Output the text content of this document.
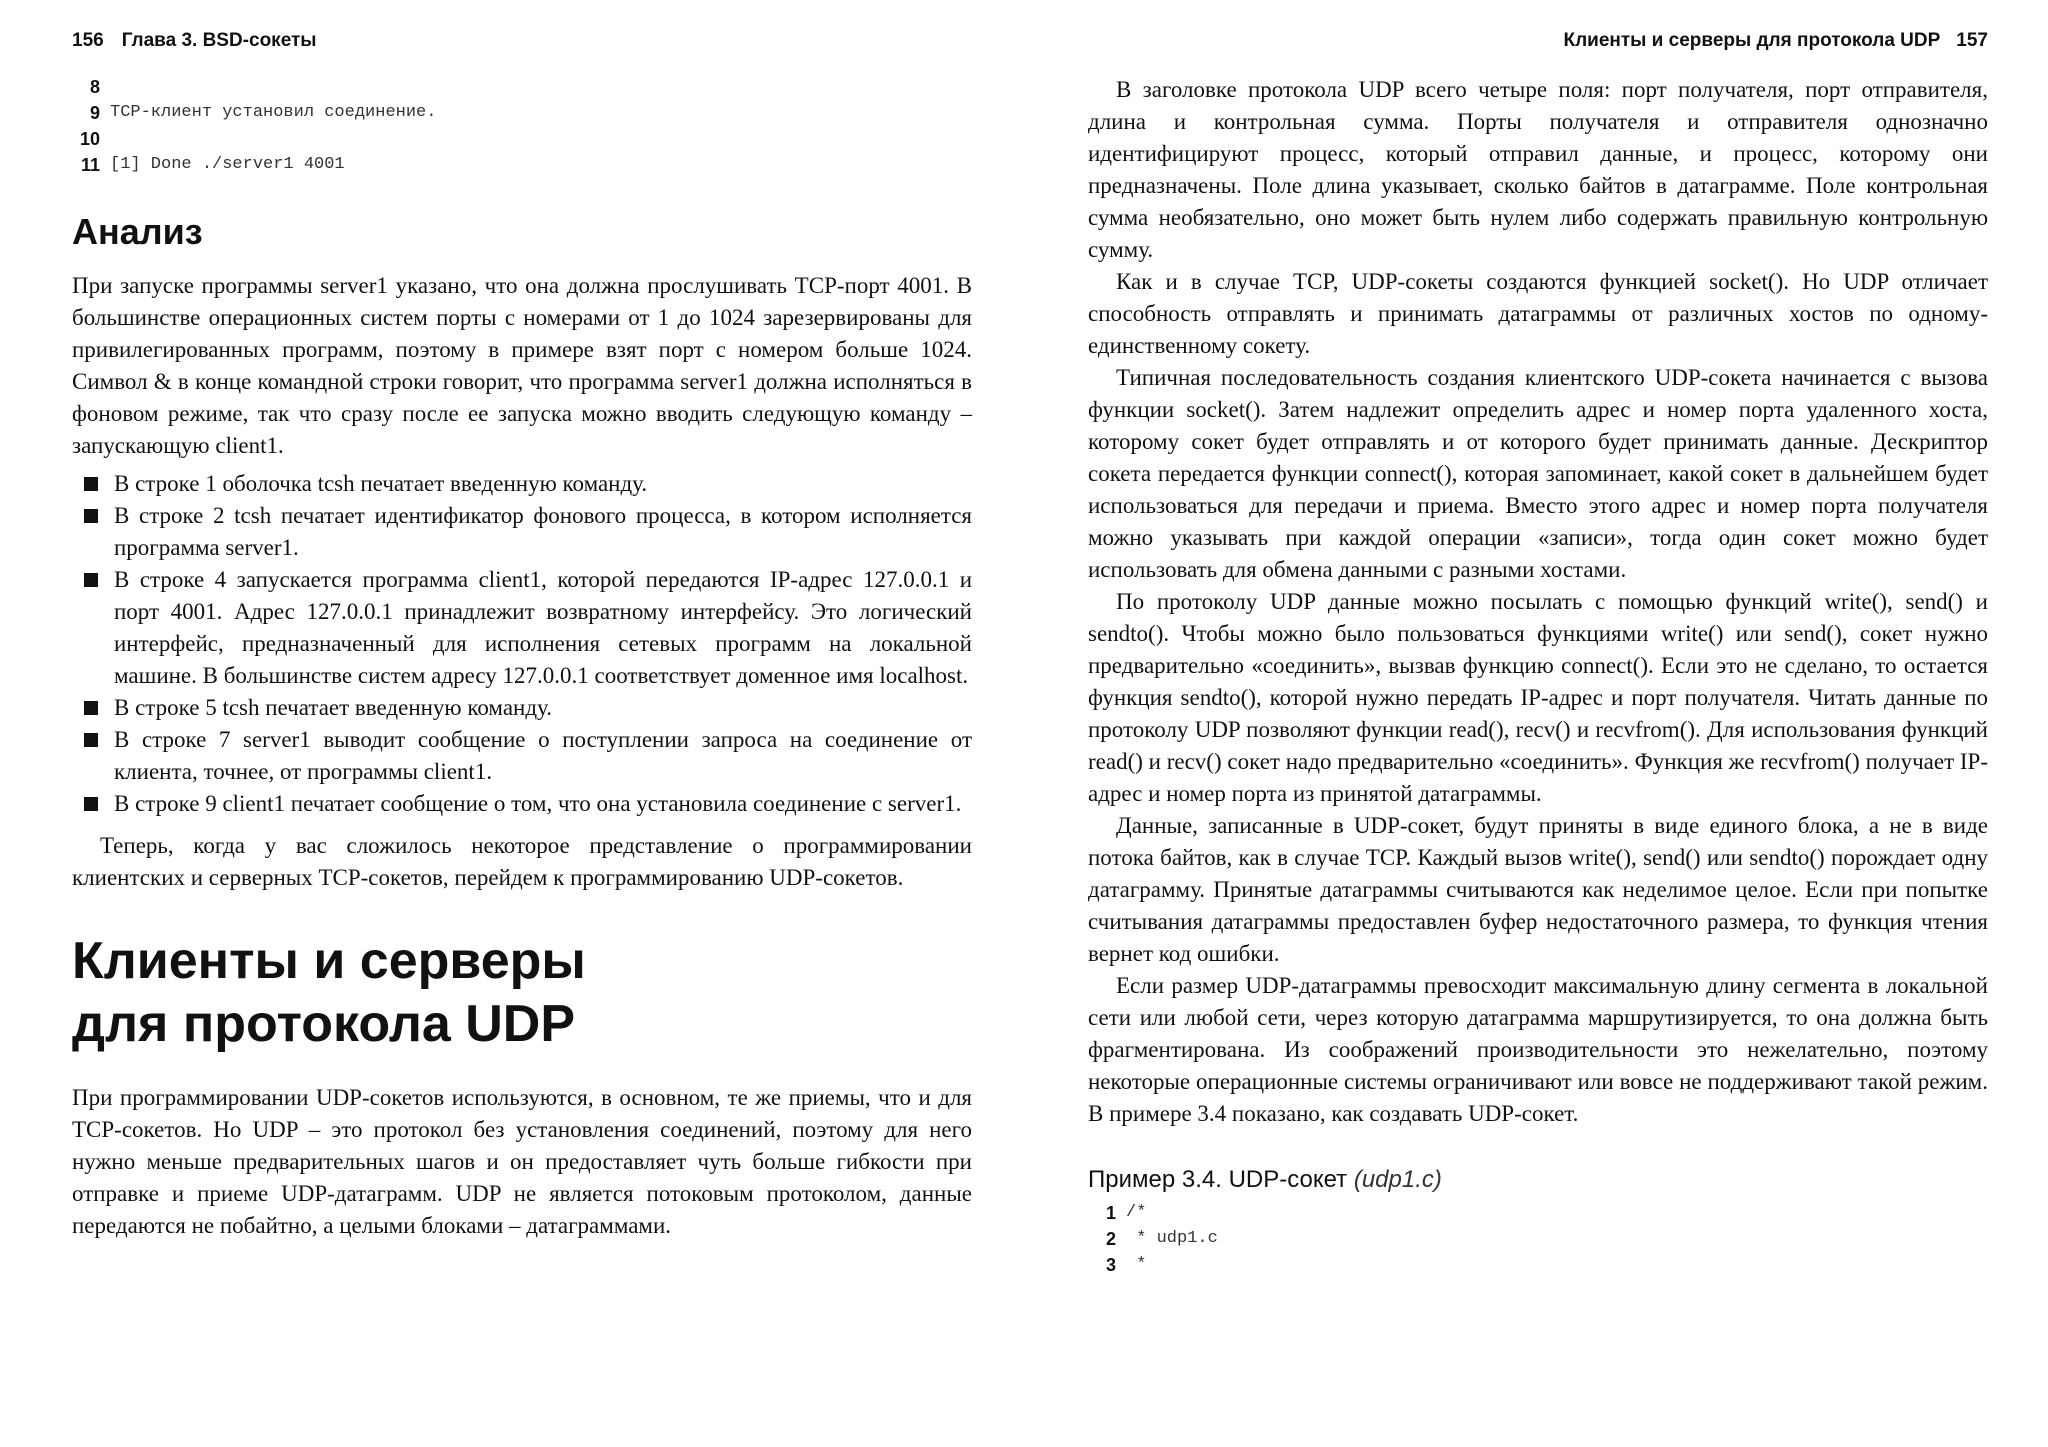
156 Глава 3. BSD-сокеты
8
9 TCP-клиент установил соединение.
10
11 [1] Done ./server1 4001
Анализ

При запуске программы server1 указано, что она должна прослушивать TCP-порт 4001. В большинстве операционных систем порты с номерами от 1 до 1024 зарезервированы для привилегированных программ, поэтому в примере взят порт с номером больше 1024. Символ & в конце командной строки говорит, что программа server1 должна исполняться в фоновом режиме, так что сразу после ее запуска можно вводить следующую команду – запускающую client1.

В строке 1 оболочка tcsh печатает введенную команду.
В строке 2 tcsh печатает идентификатор фонового процесса, в котором исполняется программа server1.
В строке 4 запускается программа client1, которой передаются IP-адрес 127.0.0.1 и порт 4001. Адрес 127.0.0.1 принадлежит возвратному интерфейсу. Это логический интерфейс, предназначенный для исполнения сетевых программ на локальной машине. В большинстве систем адресу 127.0.0.1 соответствует доменное имя localhost.
В строке 5 tcsh печатает введенную команду.
В строке 7 server1 выводит сообщение о поступлении запроса на соединение от клиента, точнее, от программы client1.
В строке 9 client1 печатает сообщение о том, что она установила соединение с server1.

Теперь, когда у вас сложилось некоторое представление о программировании клиентских и серверных TCP-сокетов, перейдем к программированию UDP-сокетов.

Клиенты и серверы
для протокола UDP

При программировании UDP-сокетов используются, в основном, те же приемы, что и для TCP-сокетов. Но UDP – это протокол без установления соединений, поэтому для него нужно меньше предварительных шагов и он предоставляет чуть больше гибкости при отправке и приеме UDP-датаграмм. UDP не является потоковым протоколом, данные передаются не побайтно, а целыми блоками – датаграммами.

Клиенты и серверы для протокола UDP 157

В заголовке протокола UDP всего четыре поля: порт получателя, порт отправителя, длина и контрольная сумма. Порты получателя и отправителя однозначно идентифицируют процесс, который отправил данные, и процесс, которому они предназначены. Поле длина указывает, сколько байтов в датаграмме. Поле контрольная сумма необязательно, оно может быть нулем либо содержать правильную контрольную сумму.

Как и в случае TCP, UDP-сокеты создаются функцией socket(). Но UDP отличает способность отправлять и принимать датаграммы от различных хостов по одному-единственному сокету.

Типичная последовательность создания клиентского UDP-сокета начинается с вызова функции socket(). Затем надлежит определить адрес и номер порта удаленного хоста, которому сокет будет отправлять и от которого будет принимать данные. Дескриптор сокета передается функции connect(), которая запоминает, какой сокет в дальнейшем будет использоваться для передачи и приема. Вместо этого адрес и номер порта получателя можно указывать при каждой операции «записи», тогда один сокет можно будет использовать для обмена данными с разными хостами.

По протоколу UDP данные можно посылать с помощью функций write(), send() и sendto(). Чтобы можно было пользоваться функциями write() или send(), сокет нужно предварительно «соединить», вызвав функцию connect(). Если это не сделано, то остается функция sendto(), которой нужно передать IP-адрес и порт получателя. Читать данные по протоколу UDP позволяют функции read(), recv() и recvfrom(). Для использования функций read() и recv() сокет надо предварительно «соединить». Функция же recvfrom() получает IP-адрес и номер порта из принятой датаграммы.

Данные, записанные в UDP-сокет, будут приняты в виде единого блока, а не в виде потока байтов, как в случае TCP. Каждый вызов write(), send() или sendto() порождает одну датаграмму. Принятые датаграммы считываются как неделимое целое. Если при попытке считывания датаграммы предоставлен буфер недостаточного размера, то функция чтения вернет код ошибки.

Если размер UDP-датаграммы превосходит максимальную длину сегмента в локальной сети или любой сети, через которую датаграмма маршрутизируется, то она должна быть фрагментирована. Из соображений производительности это нежелательно, поэтому некоторые операционные системы ограничивают или вовсе не поддерживают такой режим. В примере 3.4 показано, как создавать UDP-сокет.

Пример 3.4. UDP-сокет (udp1.c)
1 /*
2 * udp1.c
3 *
